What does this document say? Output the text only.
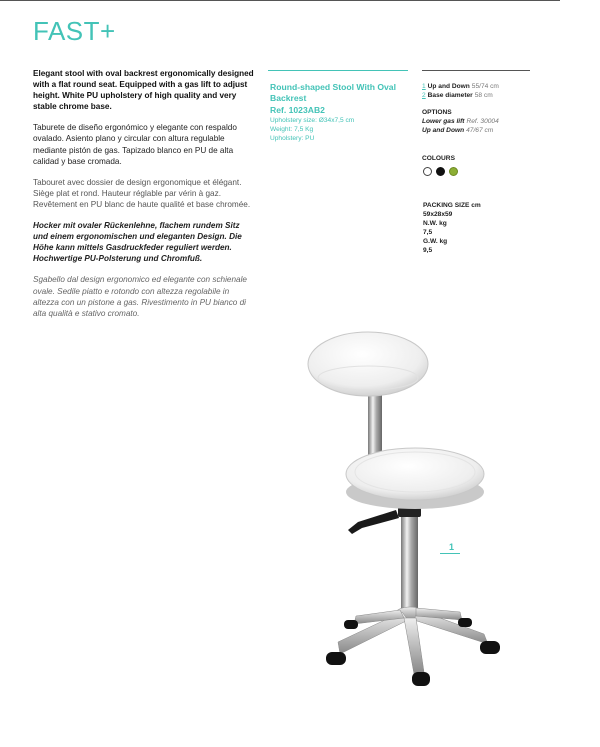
FAST+

Elegant stool with oval backrest ergonomically designed with a flat round seat. Equipped with a gas lift to adjust height. White PU upholstery of high quality and very stable chrome base.

Taburete de diseño ergonómico y elegante con respaldo ovalado. Asiento plano y circular con altura regulable mediante pistón de gas. Tapizado blanco en PU de alta calidad y base cromada.

Tabouret avec dossier de design ergonomique et élégant. Siège plat et rond. Hauteur réglable par vérin à gaz. Revêtement en PU blanc de haute qualité et base chromée.

Hocker mit ovaler Rückenlehne, flachem rundem Sitz und einem ergonomischen und eleganten Design. Die Höhe kann mittels Gasdruckfeder reguliert werden. Hochwertige PU-Polsterung und Chromfuß.

Sgabello dal design ergonomico ed elegante con schienale ovale. Sedile piatto e rotondo con altezza regolabile in altezza con un pistone a gas. Rivestimento in PU bianco di alta qualità e stativo cromato.

Round-shaped Stool With Oval Backrest
Ref. 1023AB2
Upholstery size: Ø34x7,5 cm
Weight: 7,5 Kg
Upholstery: PU
1 Up and Down 55/74 cm
2 Base diameter 58 cm
OPTIONS
Lower gas lift Ref. 30004
Up and Down 47/67 cm
COLOURS
PACKING SIZE cm
59x28x59
N.W. kg
7,5
G.W. kg
9,5
1
